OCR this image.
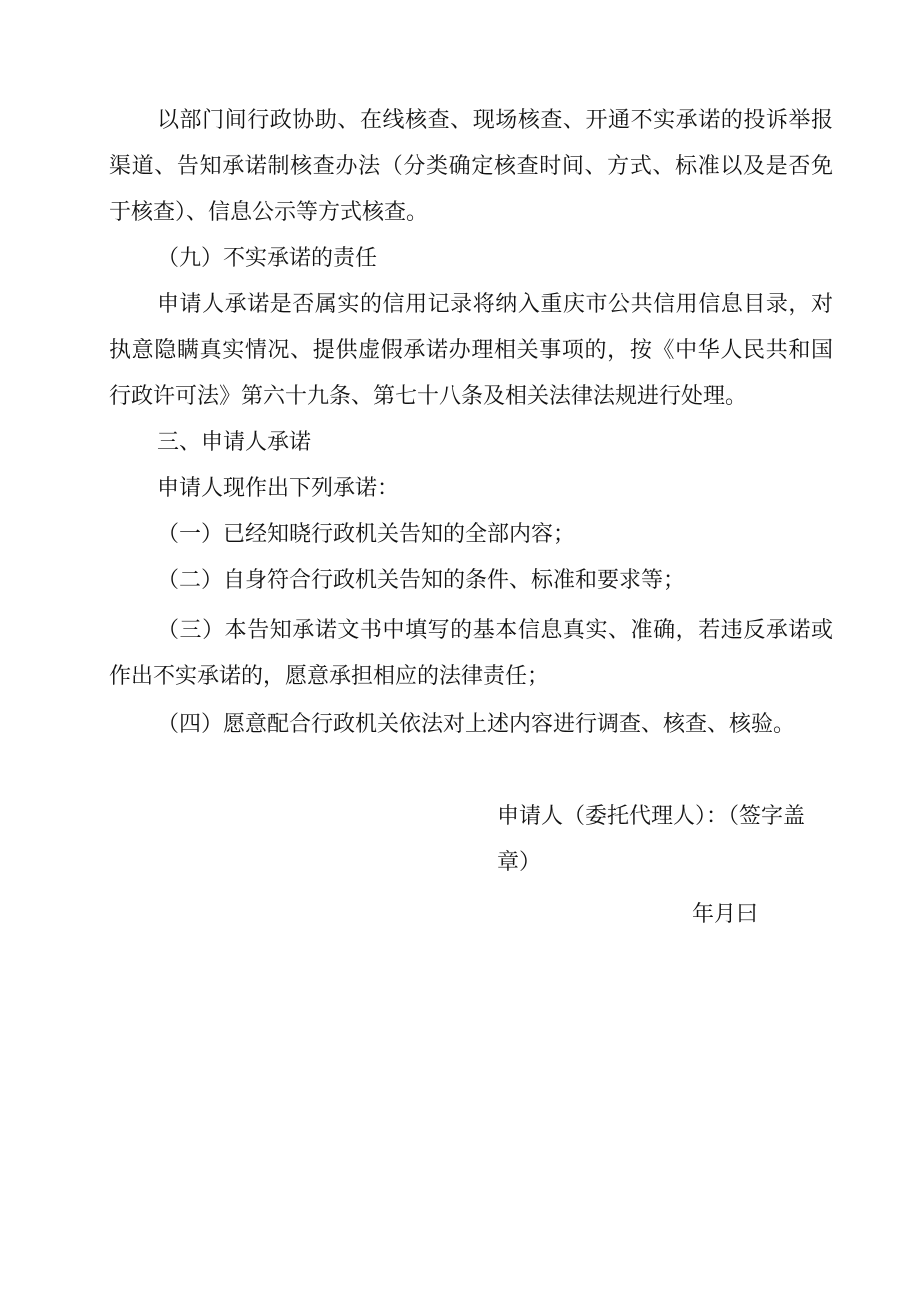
以部门间行政协助、在线核查、现场核查、开通不实承诺的投诉举报渠道、告知承诺制核查办法（分类确定核查时间、方式、标准以及是否免于核查）、信息公示等方式核查。

（九）不实承诺的责任

申请人承诺是否属实的信用记录将纳入重庆市公共信用信息目录，对执意隐瞒真实情况、提供虚假承诺办理相关事项的，按《中华人民共和国行政许可法》第六十九条、第七十八条及相关法律法规进行处理。

三、申请人承诺

申请人现作出下列承诺：

（一）已经知晓行政机关告知的全部内容；

（二）自身符合行政机关告知的条件、标准和要求等；

（三）本告知承诺文书中填写的基本信息真实、准确，若违反承诺或作出不实承诺的，愿意承担相应的法律责任；

（四）愿意配合行政机关依法对上述内容进行调查、核查、核验。

申请人（委托代理人）：（签字盖章）

年月曰
